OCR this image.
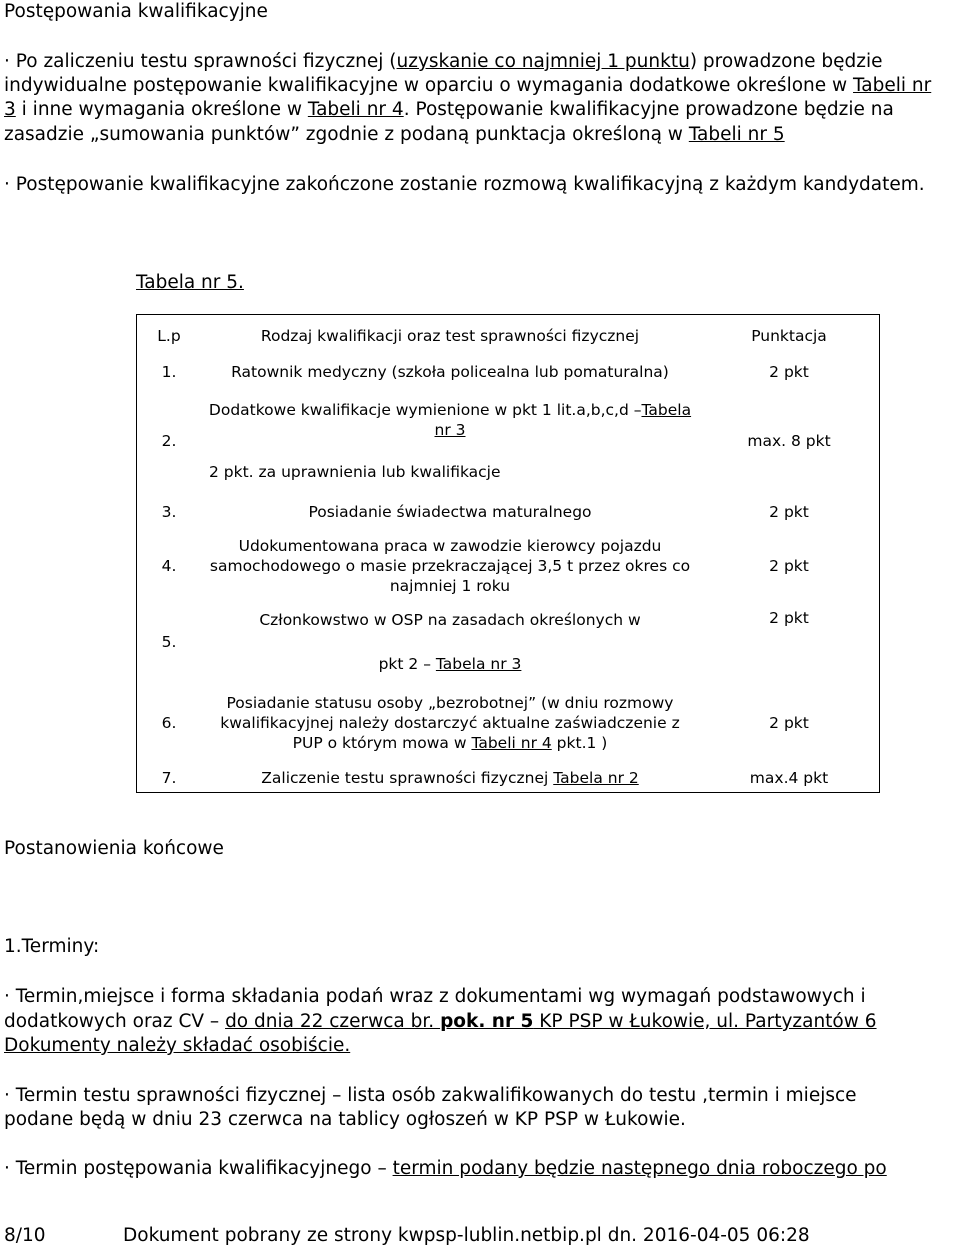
Postępowania kwalifikacyjne
· Po zaliczeniu testu sprawności fizycznej (uzyskanie co najmniej 1 punktu) prowadzone będzie
indywidualne postępowanie kwalifikacyjne w oparciu o wymagania dodatkowe określone w Tabeli nr
3 i inne wymagania określone w Tabeli nr 4. Postępowanie kwalifikacyjne prowadzone będzie na
zasadzie „sumowania punktów” zgodnie z podaną punktacja określoną w Tabeli nr 5
· Postępowanie kwalifikacyjne zakończone zostanie rozmową kwalifikacyjną z każdym kandydatem.
Tabela nr 5.
L.p	Rodzaj kwalifikacji oraz test sprawności fizycznej	Punktacja
1.	Ratownik medyczny (szkoła policealna lub pomaturalna)	2 pkt
2.	Dodatkowe kwalifikacje wymienione w pkt 1 lit.a,b,c,d –Tabela
nr 3
2 pkt. za uprawnienia lub kwalifikacje	max. 8 pkt
3.	Posiadanie świadectwa maturalnego	2 pkt
4.	Udokumentowana praca w zawodzie kierowcy pojazdu
samochodowego o masie przekraczającej 3,5 t przez okres co
najmniej 1 roku	2 pkt
5.	Członkowstwo w OSP na zasadach określonych w
pkt 2 – Tabela nr 3	2 pkt
6.	Posiadanie statusu osoby „bezrobotnej” (w dniu rozmowy
kwalifikacyjnej należy dostarczyć aktualne zaświadczenie z
PUP o którym mowa w Tabeli nr 4 pkt.1 )	2 pkt
7.	Zaliczenie testu sprawności fizycznej Tabela nr 2	max.4 pkt
Postanowienia końcowe
1.Terminy:
· Termin,miejsce i forma składania podań wraz z dokumentami wg wymagań podstawowych i
dodatkowych oraz CV – do dnia 22 czerwca br. pok. nr 5 KP PSP w Łukowie, ul. Partyzantów 6
Dokumenty należy składać osobiście.
· Termin testu sprawności fizycznej – lista osób zakwalifikowanych do testu ,termin i miejsce
podane będą w dniu 23 czerwca na tablicy ogłoszeń w KP PSP w Łukowie.
· Termin postępowania kwalifikacyjnego – termin podany będzie następnego dnia roboczego po
8/10	Dokument pobrany ze strony kwpsp-lublin.netbip.pl dn. 2016-04-05 06:28
